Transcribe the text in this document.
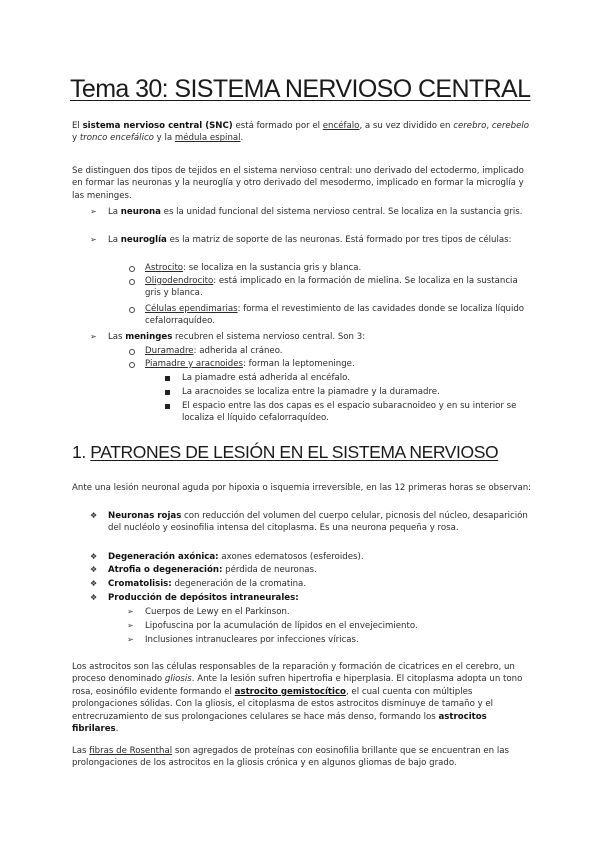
Tema 30: SISTEMA NERVIOSO CENTRAL

El sistema nervioso central (SNC) está formado por el encéfalo, a su vez dividido en cerebro, cerebelo y tronco encefálico y la médula espinal.

Se distinguen dos tipos de tejidos en el sistema nervioso central: uno derivado del ectodermo, implicado en formar las neuronas y la neuroglía y otro derivado del mesodermo, implicado en formar la microglía y las meninges.

➢ La neurona es la unidad funcional del sistema nervioso central. Se localiza en la sustancia gris.

➢ La neuroglía es la matriz de soporte de las neuronas. Está formado por tres tipos de células:

Astrocito: se localiza en la sustancia gris y blanca.

Oligodendrocito: está implicado en la formación de mielina. Se localiza en la sustancia gris y blanca.

Células ependimarias: forma el revestimiento de las cavidades donde se localiza líquido cefalorraquídeo.

➢ Las meninges recubren el sistema nervioso central. Son 3:

Duramadre: adherida al cráneo.

Piamadre y aracnoides: forman la leptomeninge.

La piamadre está adherida al encéfalo.

La aracnoides se localiza entre la piamadre y la duramadre.

El espacio entre las dos capas es el espacio subaracnoideo y en su interior se localiza el líquido cefalorraquídeo.

1. PATRONES DE LESIÓN EN EL SISTEMA NERVIOSO

Ante una lesión neuronal aguda por hipoxia o isquemia irreversible, en las 12 primeras horas se observan:

❖ Neuronas rojas con reducción del volumen del cuerpo celular, picnosis del núcleo, desaparición del nucléolo y eosinofilia intensa del citoplasma. Es una neurona pequeña y rosa.

❖ Degeneración axónica: axones edematosos (esferoides).

❖ Atrofia o degeneración: pérdida de neuronas.

❖ Cromatolisis: degeneración de la cromatina.

❖ Producción de depósitos intraneurales:

➢ Cuerpos de Lewy en el Parkinson.

➢ Lipofuscina por la acumulación de lípidos en el envejecimiento.

➢ Inclusiones intranucleares por infecciones víricas.

Los astrocitos son las células responsables de la reparación y formación de cicatrices en el cerebro, un proceso denominado gliosis. Ante la lesión sufren hipertrofia e hiperplasia. El citoplasma adopta un tono rosa, eosinófilo evidente formando el astrocito gemistocítico, el cual cuenta con múltiples prolongaciones sólidas. Con la gliosis, el citoplasma de estos astrocitos disminuye de tamaño y el entrecruzamiento de sus prolongaciones celulares se hace más denso, formando los astrocitos fibrilares.

Las fibras de Rosenthal son agregados de proteínas con eosinofilia brillante que se encuentran en las prolongaciones de los astrocitos en la gliosis crónica y en algunos gliomas de bajo grado.
